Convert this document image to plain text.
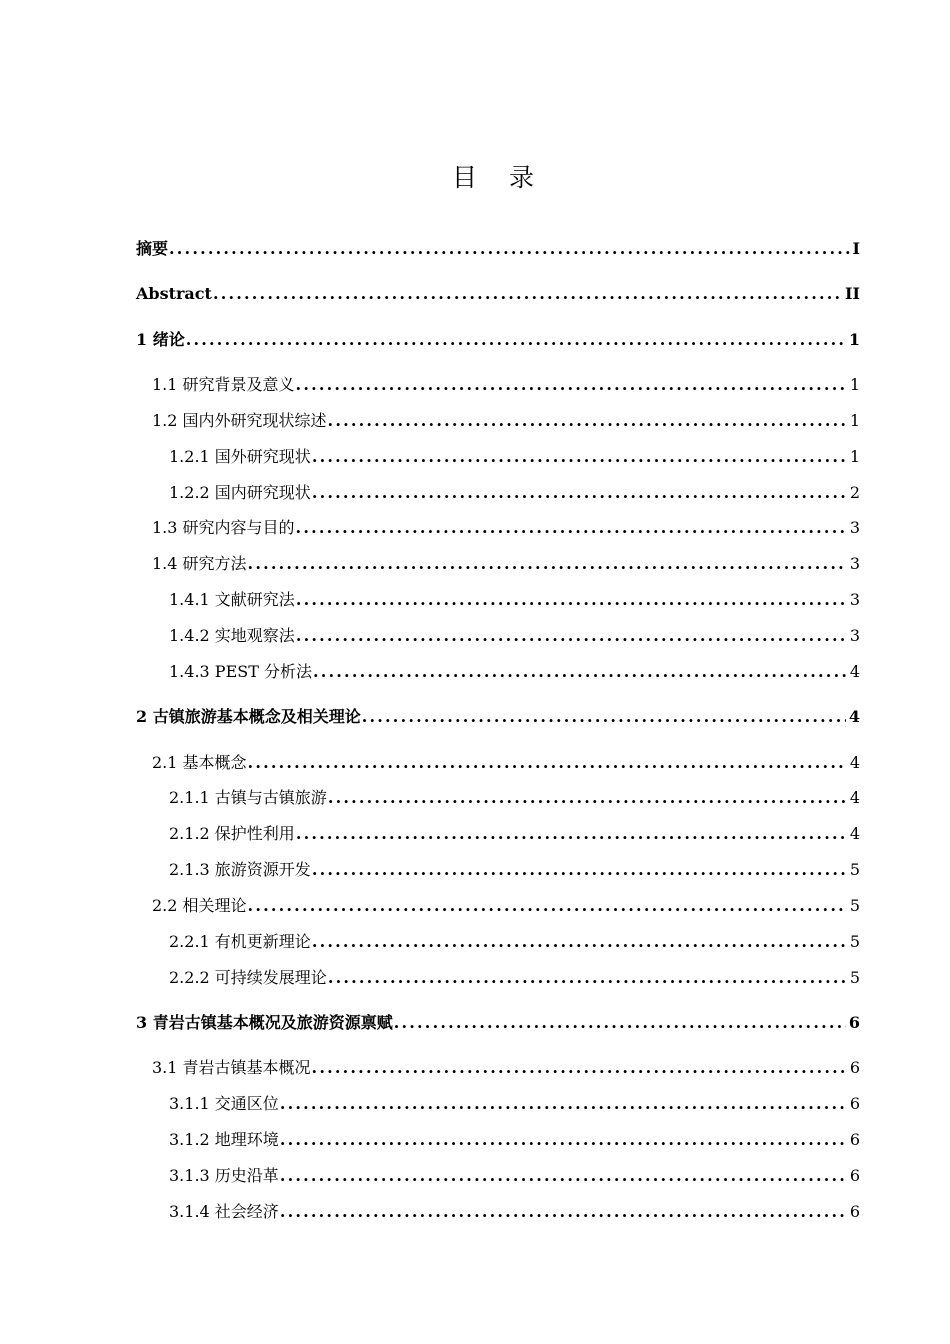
目 录
摘要 .....	I
Abstract .....	II
1 绪论 .....	1
1.1 研究背景及意义 .....	1
1.2 国内外研究现状综述 .....	1
1.2.1 国外研究现状 .....	1
1.2.2 国内研究现状 .....	2
1.3 研究内容与目的 .....	3
1.4 研究方法 .....	3
1.4.1 文献研究法 .....	3
1.4.2 实地观察法 .....	3
1.4.3 PEST 分析法 .....	4
2 古镇旅游基本概念及相关理论 .....	4
2.1 基本概念 .....	4
2.1.1 古镇与古镇旅游 .....	4
2.1.2 保护性利用 .....	4
2.1.3 旅游资源开发 .....	5
2.2 相关理论 .....	5
2.2.1 有机更新理论 .....	5
2.2.2 可持续发展理论 .....	5
3 青岩古镇基本概况及旅游资源禀赋 .....	6
3.1 青岩古镇基本概况 .....	6
3.1.1 交通区位 .....	6
3.1.2 地理环境 .....	6
3.1.3 历史沿革 .....	6
3.1.4 社会经济 .....	6
